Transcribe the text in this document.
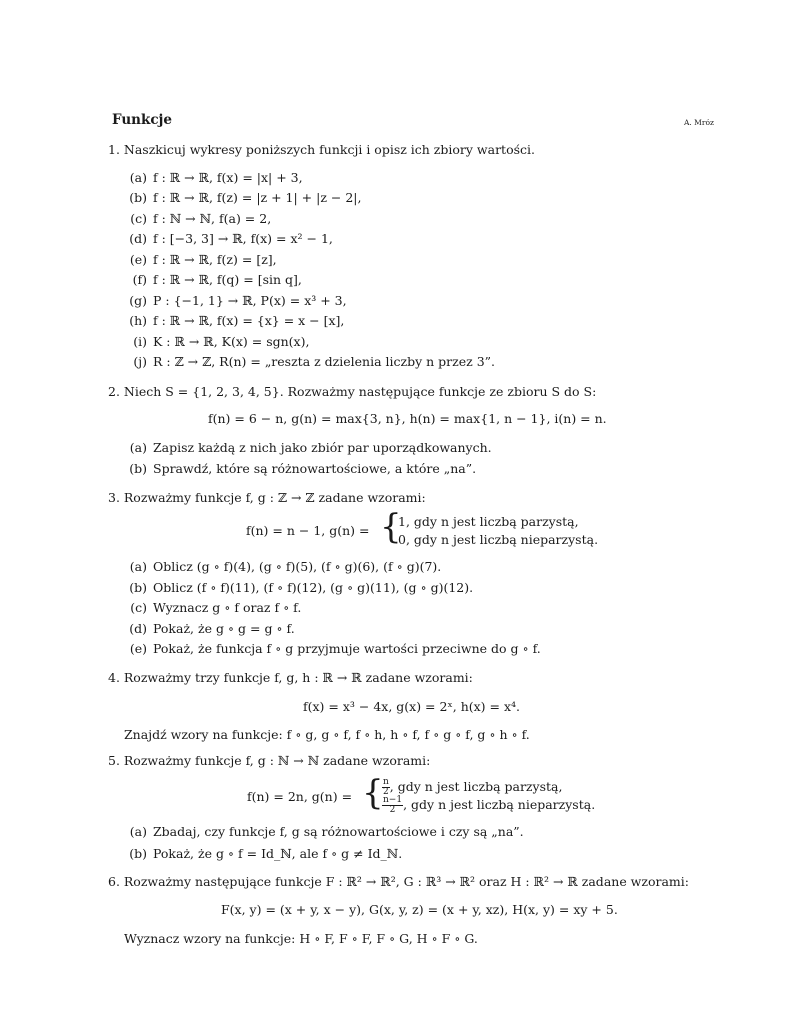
Funkcje	A. Mróz
1. Naszkicuj wykresy poniższych funkcji i opisz ich zbiory wartości.
(a) f : ℝ → ℝ, f(x) = |x| + 3,
(b) f : ℝ → ℝ, f(z) = |z + 1| + |z − 2|,
(c) f : ℕ → ℕ, f(a) = 2,
(d) f : [−3, 3] → ℝ, f(x) = x² − 1,
(e) f : ℝ → ℝ, f(z) = [z],
(f) f : ℝ → ℝ, f(q) = [sin q],
(g) P : {−1, 1} → ℝ, P(x) = x³ + 3,
(h) f : ℝ → ℝ, f(x) = {x} = x − [x],
(i) K : ℝ → ℝ, K(x) = sgn(x),
(j) R : ℤ → ℤ, R(n) = „reszta z dzielenia liczby n przez 3”.
2. Niech S = {1, 2, 3, 4, 5}. Rozważmy następujące funkcje ze zbioru S do S:
f(n) = 6 − n, g(n) = max{3, n}, h(n) = max{1, n − 1}, i(n) = n.
(a) Zapisz każdą z nich jako zbiór par uporządkowanych.
(b) Sprawdź, które są różnowartościowe, a które „na”.
3. Rozważmy funkcje f, g : ℤ → ℤ zadane wzorami:
f(n) = n − 1, g(n) = {
1, gdy n jest liczbą parzystą,
0, gdy n jest liczbą nieparzystą.
(a) Oblicz (g ∘ f)(4), (g ∘ f)(5), (f ∘ g)(6), (f ∘ g)(7).
(b) Oblicz (f ∘ f)(11), (f ∘ f)(12), (g ∘ g)(11), (g ∘ g)(12).
(c) Wyznacz g ∘ f oraz f ∘ f.
(d) Pokaż, że g ∘ g = g ∘ f.
(e) Pokaż, że funkcja f ∘ g przyjmuje wartości przeciwne do g ∘ f.
4. Rozważmy trzy funkcje f, g, h : ℝ → ℝ zadane wzorami:
f(x) = x³ − 4x, g(x) = 2ˣ, h(x) = x⁴.
Znajdź wzory na funkcje: f ∘ g, g ∘ f, f ∘ h, h ∘ f, f ∘ g ∘ f, g ∘ h ∘ f.
5. Rozważmy funkcje f, g : ℕ → ℕ zadane wzorami:
f(n) = 2n, g(n) = {
$\frac{n}{2}$ , gdy n jest liczbą parzystą,
$\frac{n-1}{2}$ , gdy n jest liczbą nieparzystą.
(a) Zbadaj, czy funkcje f, g są różnowartościowe i czy są „na”.
(b) Pokaż, że g ∘ f = Id_ℕ, ale f ∘ g ≠ Id_ℕ.
6. Rozważmy następujące funkcje F : ℝ² → ℝ², G : ℝ³ → ℝ² oraz H : ℝ² → ℝ zadane wzorami:
F(x, y) = (x + y, x − y), G(x, y, z) = (x + y, xz), H(x, y) = xy + 5.
Wyznacz wzory na funkcje: H ∘ F, F ∘ F, F ∘ G, H ∘ F ∘ G.
